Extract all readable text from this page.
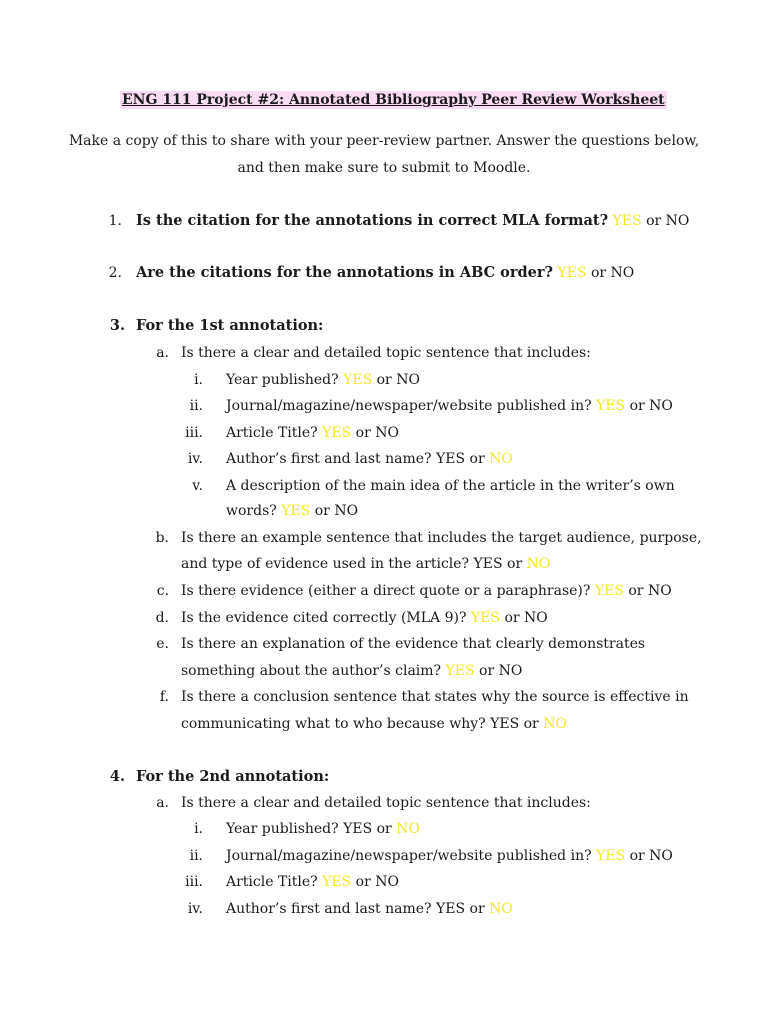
ENG 111 Project #2: Annotated Bibliography Peer Review Worksheet
Make a copy of this to share with your peer-review partner. Answer the questions below,
and then make sure to submit to Moodle.
1. Is the citation for the annotations in correct MLA format? YES or NO
2. Are the citations for the annotations in ABC order? YES or NO
3. For the 1st annotation:
a. Is there a clear and detailed topic sentence that includes:
i. Year published? YES or NO
ii. Journal/magazine/newspaper/website published in? YES or NO
iii. Article Title? YES or NO
iv. Author’s first and last name? YES or NO
v. A description of the main idea of the article in the writer’s own
words? YES or NO
b. Is there an example sentence that includes the target audience, purpose,
and type of evidence used in the article? YES or NO
c. Is there evidence (either a direct quote or a paraphrase)? YES or NO
d. Is the evidence cited correctly (MLA 9)? YES or NO
e. Is there an explanation of the evidence that clearly demonstrates
something about the author’s claim? YES or NO
f. Is there a conclusion sentence that states why the source is effective in
communicating what to who because why? YES or NO
4. For the 2nd annotation:
a. Is there a clear and detailed topic sentence that includes:
i. Year published? YES or NO
ii. Journal/magazine/newspaper/website published in? YES or NO
iii. Article Title? YES or NO
iv. Author’s first and last name? YES or NO
